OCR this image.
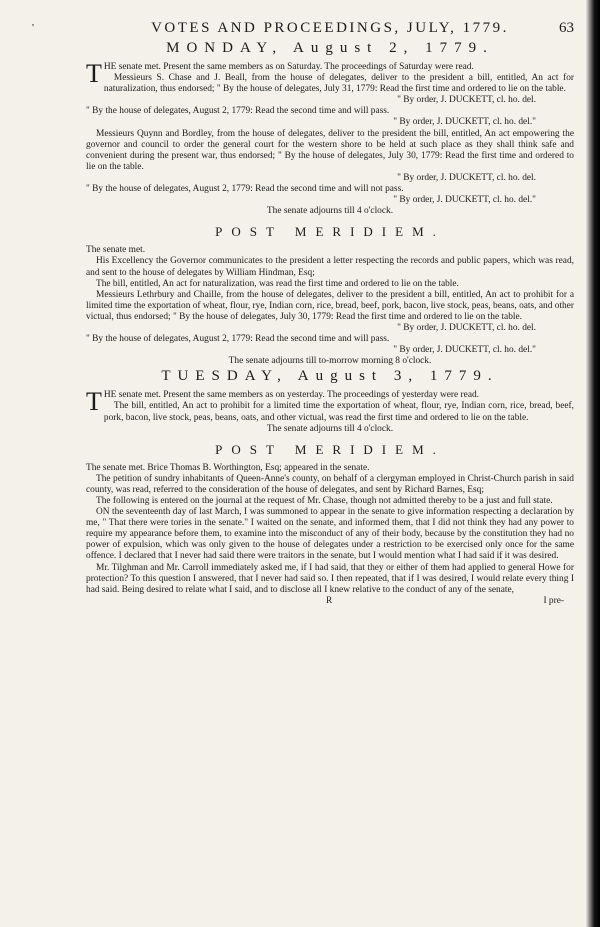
'	VOTES AND PROCEEDINGS, JULY, 1779.	63
MONDAY, August 2, 1779.

THE senate met. Present the same members as on Saturday. The proceedings of Saturday were read.

Messieurs S. Chase and J. Beall, from the house of delegates, deliver to the president a bill, entitled, An act for naturalization, thus endorsed; " By the house of delegates, July 31, 1779: Read the first time and ordered to lie on the table.

" By order, J. DUCKETT, cl. ho. del.

" By the house of delegates, August 2, 1779: Read the second time and will pass.

" By order, J. DUCKETT, cl. ho. del."

Messieurs Quynn and Bordley, from the house of delegates, deliver to the president the bill, entitled, An act empowering the governor and council to order the general court for the western shore to be held at such place as they shall think safe and convenient during the present war, thus endorsed; " By the house of delegates, July 30, 1779: Read the first time and ordered to lie on the table.

" By order, J. DUCKETT, cl. ho. del.

" By the house of delegates, August 2, 1779: Read the second time and will not pass.

" By order, J. DUCKETT, cl. ho. del."

The senate adjourns till 4 o'clock.

POST MERIDIEM.

The senate met.

His Excellency the Governor communicates to the president a letter respecting the records and public papers, which was read, and sent to the house of delegates by William Hindman, Esq;

The bill, entitled, An act for naturalization, was read the first time and ordered to lie on the table.

Messieurs Lethrbury and Chaille, from the house of delegates, deliver to the president a bill, entitled, An act to prohibit for a limited time the exportation of wheat, flour, rye, Indian corn, rice, bread, beef, pork, bacon, live stock, peas, beans, oats, and other victual, thus endorsed; " By the house of delegates, July 30, 1779: Read the first time and ordered to lie on the table.

" By order, J. DUCKETT, cl. ho. del.

" By the house of delegates, August 2, 1779: Read the second time and will pass.

" By order, J. DUCKETT, cl. ho. del."

The senate adjourns till to-morrow morning 8 o'clock.

TUESDAY, August 3, 1779.

THE senate met. Present the same members as on yesterday. The proceedings of yesterday were read.

The bill, entitled, An act to prohibit for a limited time the exportation of wheat, flour, rye, Indian corn, rice, bread, beef, pork, bacon, live stock, peas, beans, oats, and other victual, was read the first time and ordered to lie on the table.

The senate adjourns till 4 o'clock.

POST MERIDIEM.

The senate met. Brice Thomas B. Worthington, Esq; appeared in the senate.

The petition of sundry inhabitants of Queen-Anne's county, on behalf of a clergyman employed in Christ-Church parish in said county, was read, referred to the consideration of the house of delegates, and sent by Richard Barnes, Esq;

The following is entered on the journal at the request of Mr. Chase, though not admitted thereby to be a just and full state.

ON the seventeenth day of last March, I was summoned to appear in the senate to give information respecting a declaration by me, " That there were tories in the senate." I waited on the senate, and informed them, that I did not think they had any power to require my appearance before them, to examine into the misconduct of any of their body, because by the constitution they had no power of expulsion, which was only given to the house of delegates under a restriction to be exercised only once for the same offence. I declared that I never had said there were traitors in the senate, but I would mention what I had said if it was desired.

Mr. Tilghman and Mr. Carroll immediately asked me, if I had said, that they or either of them had applied to general Howe for protection? To this question I answered, that I never had said so. I then repeated, that if I was desired, I would relate every thing I had said. Being desired to relate what I said, and to disclose all I knew relative to the conduct of any of the senate,

R	I pre-
